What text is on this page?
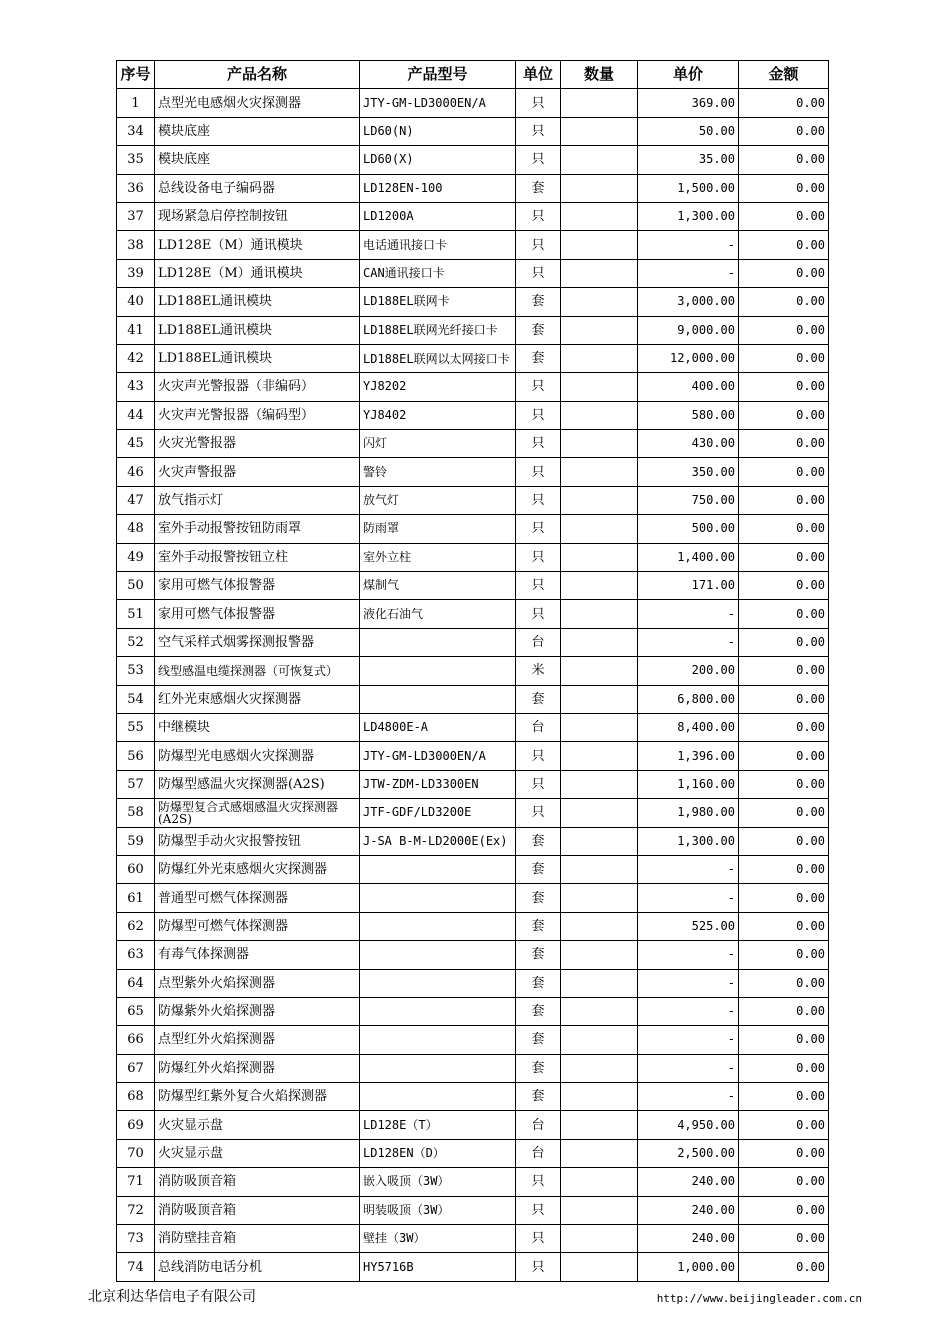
序号	产品名称	产品型号	单位	数量	单价	金额
1	点型光电感烟火灾探测器	JTY-GM-LD3000EN/A	只		369.00	0.00
34	模块底座	LD60(N)	只		50.00	0.00
35	模块底座	LD60(X)	只		35.00	0.00
36	总线设备电子编码器	LD128EN-100	套		1,500.00	0.00
37	现场紧急启停控制按钮	LD1200A	只		1,300.00	0.00
38	LD128E（M）通讯模块	电话通讯接口卡	只		-	0.00
39	LD128E（M）通讯模块	CAN通讯接口卡	只		-	0.00
40	LD188EL通讯模块	LD188EL联网卡	套		3,000.00	0.00
41	LD188EL通讯模块	LD188EL联网光纤接口卡	套		9,000.00	0.00
42	LD188EL通讯模块	LD188EL联网以太网接口卡	套		12,000.00	0.00
43	火灾声光警报器（非编码）	YJ8202	只		400.00	0.00
44	火灾声光警报器（编码型）	YJ8402	只		580.00	0.00
45	火灾光警报器	闪灯	只		430.00	0.00
46	火灾声警报器	警铃	只		350.00	0.00
47	放气指示灯	放气灯	只		750.00	0.00
48	室外手动报警按钮防雨罩	防雨罩	只		500.00	0.00
49	室外手动报警按钮立柱	室外立柱	只		1,400.00	0.00
50	家用可燃气体报警器	煤制气	只		171.00	0.00
51	家用可燃气体报警器	液化石油气	只		-	0.00
52	空气采样式烟雾探测报警器		台		-	0.00
53	线型感温电缆探测器（可恢复式）		米		200.00	0.00
54	红外光束感烟火灾探测器		套		6,800.00	0.00
55	中继模块	LD4800E-A	台		8,400.00	0.00
56	防爆型光电感烟火灾探测器	JTY-GM-LD3000EN/A	只		1,396.00	0.00
57	防爆型感温火灾探测器(A2S)	JTW-ZDM-LD3300EN	只		1,160.00	0.00
58	防爆型复合式感烟感温火灾探测器(A2S)	JTF-GDF/LD3200E	只		1,980.00	0.00
59	防爆型手动火灾报警按钮	J-SA B-M-LD2000E(Ex)	套		1,300.00	0.00
60	防爆红外光束感烟火灾探测器		套		-	0.00
61	普通型可燃气体探测器		套		-	0.00
62	防爆型可燃气体探测器		套		525.00	0.00
63	有毒气体探测器		套		-	0.00
64	点型紫外火焰探测器		套		-	0.00
65	防爆紫外火焰探测器		套		-	0.00
66	点型红外火焰探测器		套		-	0.00
67	防爆红外火焰探测器		套		-	0.00
68	防爆型红紫外复合火焰探测器		套		-	0.00
69	火灾显示盘	LD128E（T）	台		4,950.00	0.00
70	火灾显示盘	LD128EN（D）	台		2,500.00	0.00
71	消防吸顶音箱	嵌入吸顶（3W）	只		240.00	0.00
72	消防吸顶音箱	明装吸顶（3W）	只		240.00	0.00
73	消防壁挂音箱	壁挂（3W）	只		240.00	0.00
74	总线消防电话分机	HY5716B	只		1,000.00	0.00
北京利达华信电子有限公司	http://www.beijingleader.com.cn
